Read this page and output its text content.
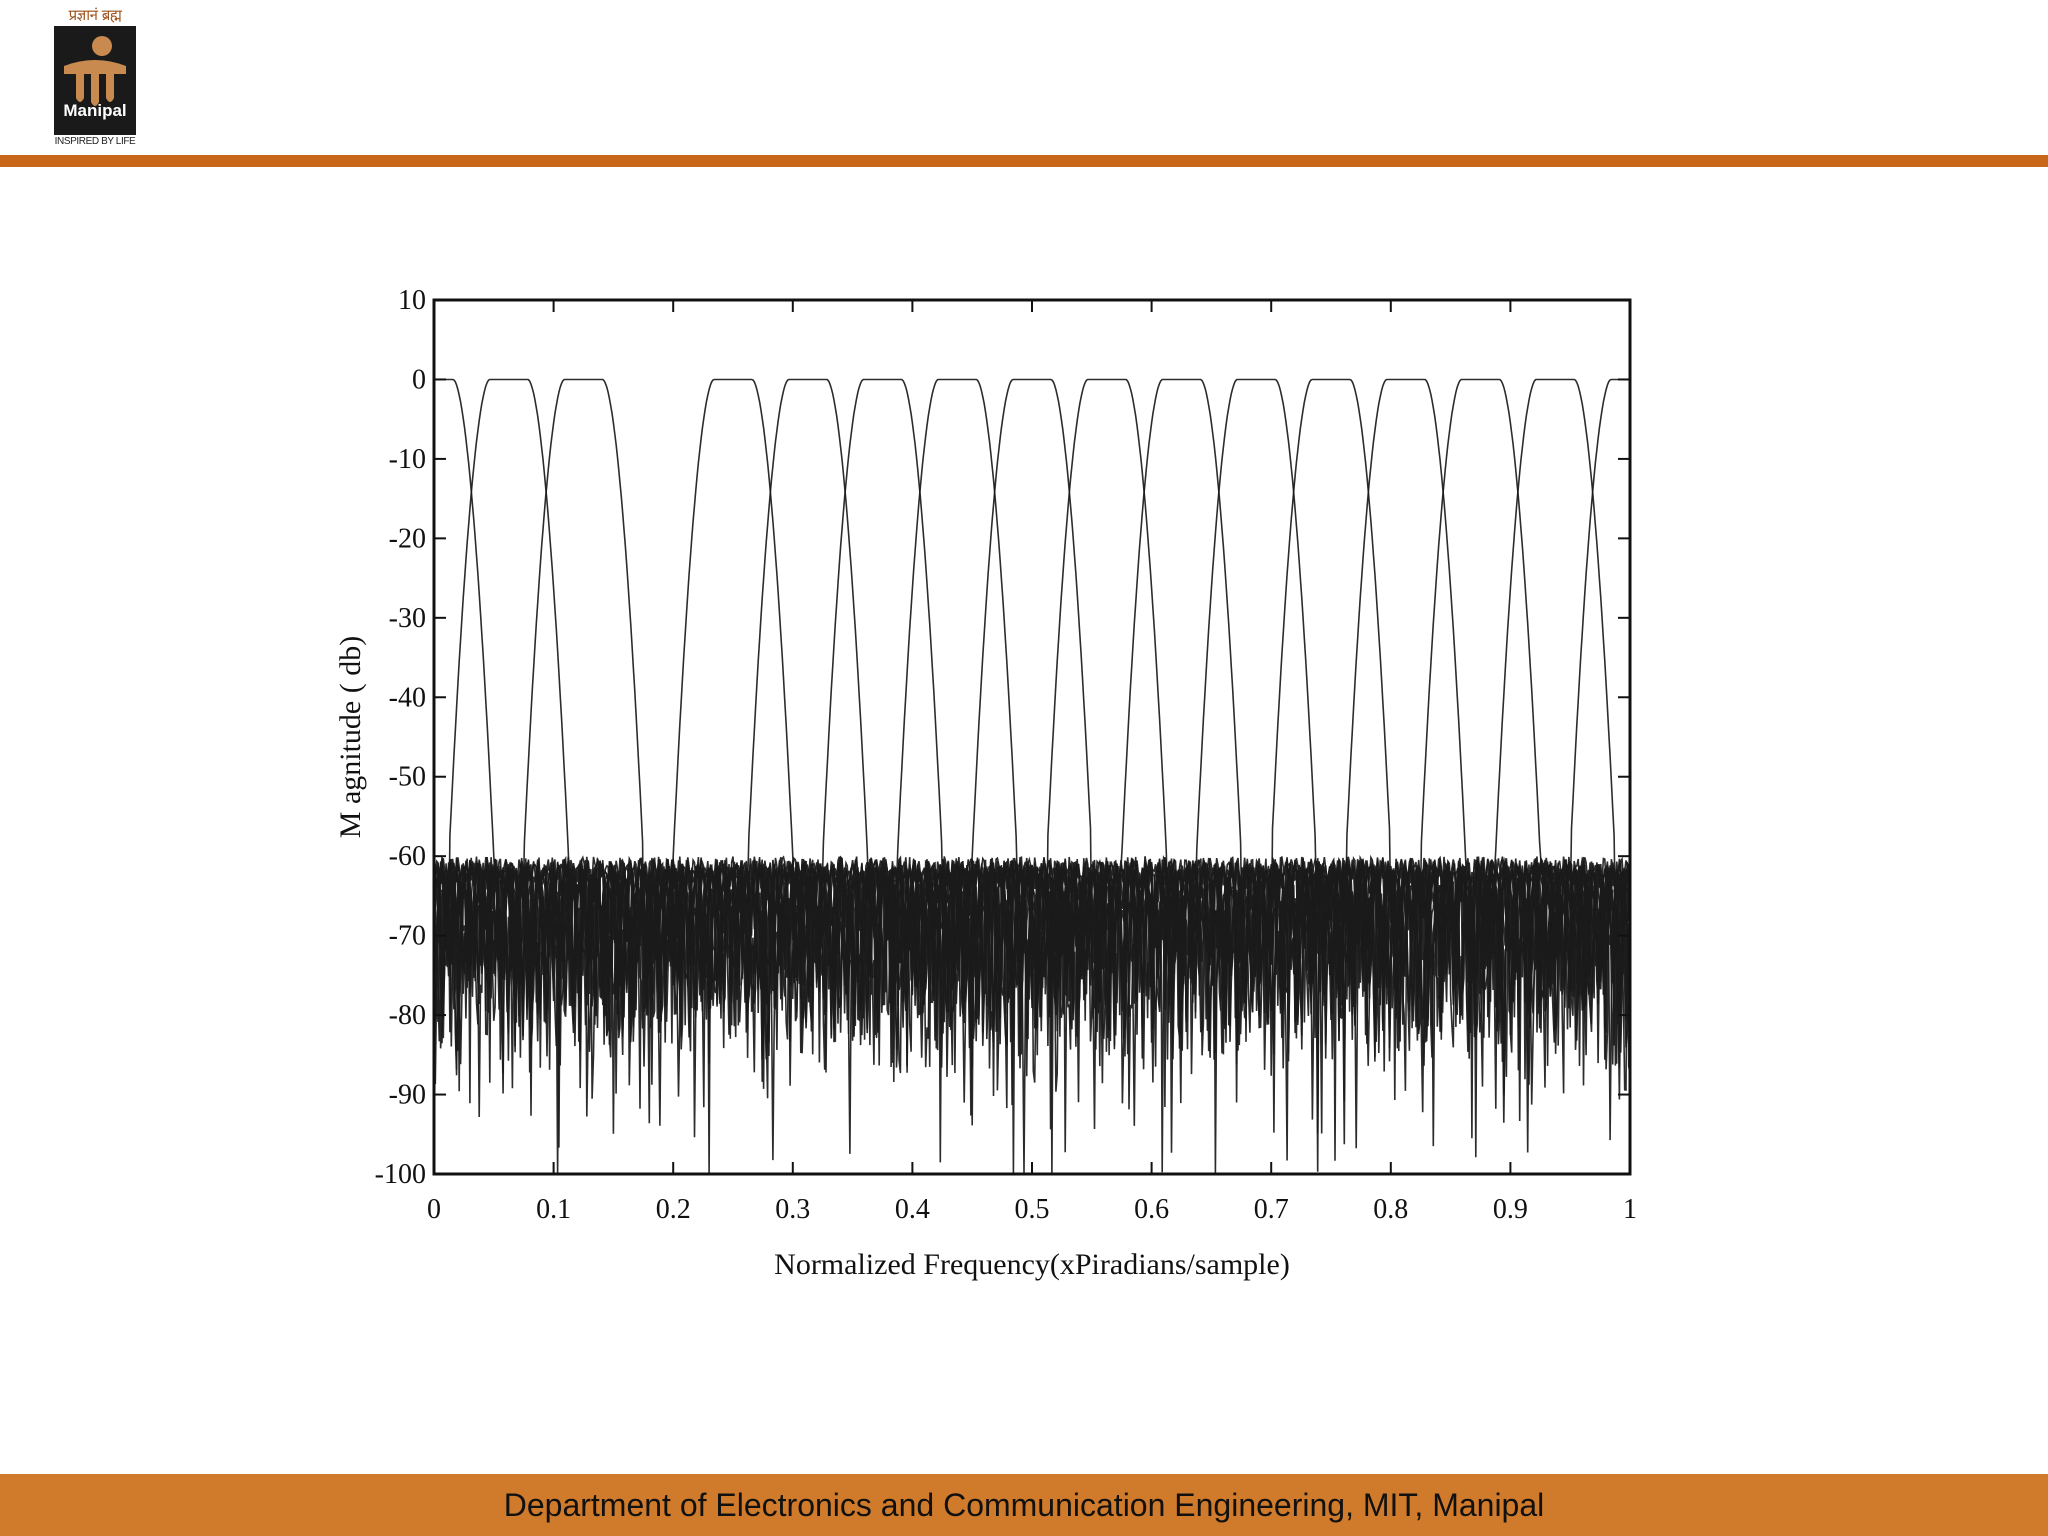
प्रज्ञानं ब्रह्म
Manipal
INSPIRED BY LIFE
0	0.1	0.2	0.3	0.4	0.5	0.6	0.7	0.8	0.9	1
10
0
-10
-20
-30
-40
-50
-60
-70
-80
-90
-100
Normalized Frequency(xPiradians/sample)
M agnitude ( db)
Department of Electronics and Communication Engineering, MIT, Manipal
